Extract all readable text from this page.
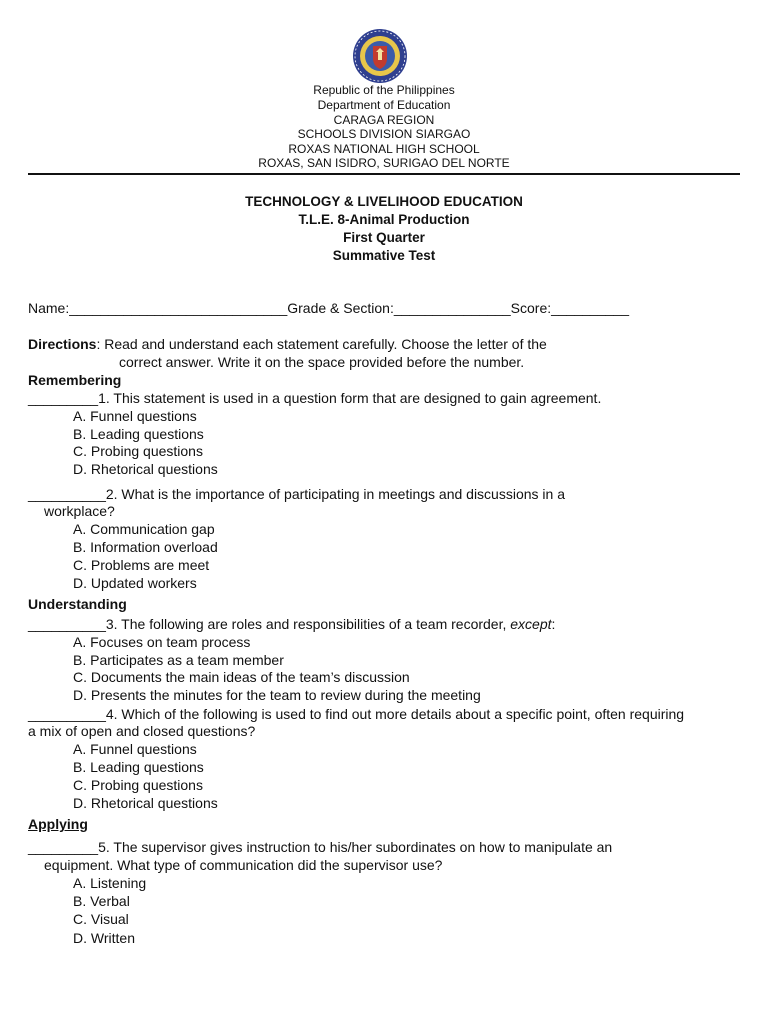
Republic of the Philippines
Department of Education
CARAGA REGION
SCHOOLS DIVISION SIARGAO
ROXAS NATIONAL HIGH SCHOOL
ROXAS, SAN ISIDRO, SURIGAO DEL NORTE
TECHNOLOGY & LIVELIHOOD EDUCATION
T.L.E. 8-Animal Production
First Quarter
Summative Test
Name:____________________________Grade & Section:_______________Score:__________
Directions: Read and understand each statement carefully. Choose the letter of the
correct answer. Write it on the space provided before the number.
Remembering
_________1. This statement is used in a question form that are designed to gain agreement.
A. Funnel questions
B. Leading questions
C. Probing questions
D. Rhetorical questions
__________2. What is the importance of participating in meetings and discussions in a
workplace?
A. Communication gap
B. Information overload
C. Problems are meet
D. Updated workers
Understanding
__________3. The following are roles and responsibilities of a team recorder, except:
A. Focuses on team process
B. Participates as a team member
C. Documents the main ideas of the team’s discussion
D. Presents the minutes for the team to review during the meeting
__________4. Which of the following is used to find out more details about a specific point, often requiring
a mix of open and closed questions?
A. Funnel questions
B. Leading questions
C. Probing questions
D. Rhetorical questions
Applying
_________5. The supervisor gives instruction to his/her subordinates on how to manipulate an
equipment. What type of communication did the supervisor use?
A. Listening
B. Verbal
C. Visual
D. Written
